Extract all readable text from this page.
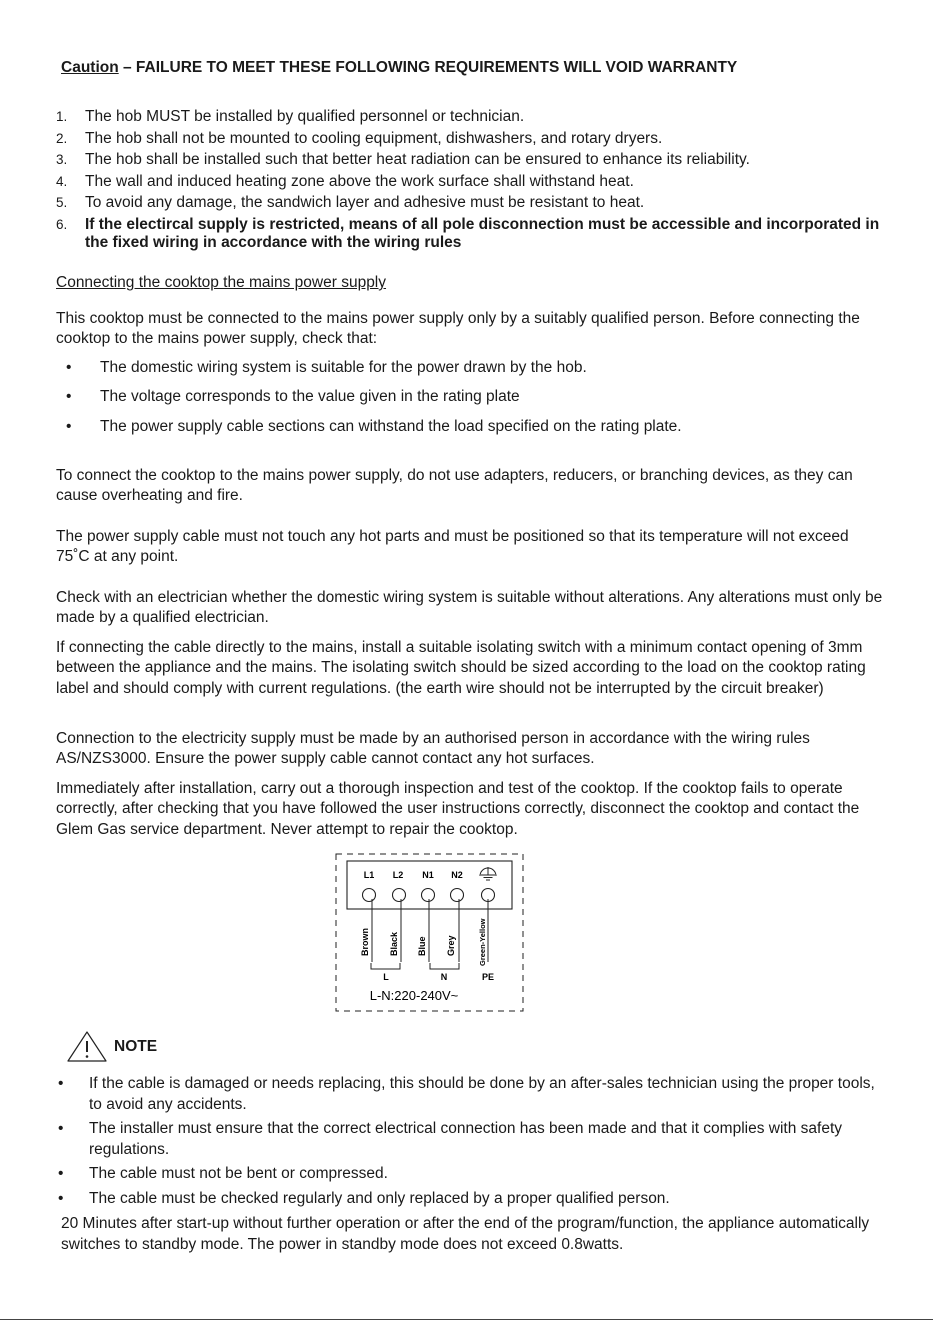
Caution – FAILURE TO MEET THESE FOLLOWING REQUIREMENTS WILL VOID WARRANTY
1. The hob MUST be installed by qualified personnel or technician.
2. The hob shall not be mounted to cooling equipment, dishwashers, and rotary dryers.
3. The hob shall be installed such that better heat radiation can be ensured to enhance its reliability.
4. The wall and induced heating zone above the work surface shall withstand heat.
5. To avoid any damage, the sandwich layer and adhesive must be resistant to heat.
6. If the electircal supply is restricted, means of all pole disconnection must be accessible and incorporated in the fixed wiring in accordance with the wiring rules
Connecting the cooktop the mains power supply
This cooktop must be connected to the mains power supply only by a suitably qualified person. Before connecting the cooktop to the mains power supply, check that:
• The domestic wiring system is suitable for the power drawn by the hob.
• The voltage corresponds to the value given in the rating plate
• The power supply cable sections can withstand the load specified on the rating plate.
To connect the cooktop to the mains power supply, do not use adapters, reducers, or branching devices, as they can cause overheating and fire.
The power supply cable must not touch any hot parts and must be positioned so that its temperature will not exceed 75˚C at any point.
Check with an electrician whether the domestic wiring system is suitable without alterations. Any alterations must only be made by a qualified electrician.
If connecting the cable directly to the mains, install a suitable isolating switch with a minimum contact opening of 3mm between the appliance and the mains. The isolating switch should be sized according to the load on the cooktop rating label and should comply with current regulations. (the earth wire should not be interrupted by the circuit breaker)
Connection to the electricity supply must be made by an authorised person in accordance with the wiring rules AS/NZS3000. Ensure the power supply cable cannot contact any hot surfaces.
Immediately after installation, carry out a thorough inspection and test of the cooktop. If the cooktop fails to operate correctly, after checking that you have followed the user instructions correctly, disconnect the cooktop and contact the Glem Gas service department. Never attempt to repair the cooktop.
L1 L2 N1 N2
Brown Black Blue Grey	Green-Yellow
L	N	PE
L-N:220-240V~
NOTE
• If the cable is damaged or needs replacing, this should be done by an after-sales technician using the proper tools, to avoid any accidents.
• The installer must ensure that the correct electrical connection has been made and that it complies with safety regulations.
• The cable must not be bent or compressed.
• The cable must be checked regularly and only replaced by a proper qualified person.
20 Minutes after start-up without further operation or after the end of the program/function, the appliance automatically switches to standby mode. The power in standby mode does not exceed 0.8watts.
